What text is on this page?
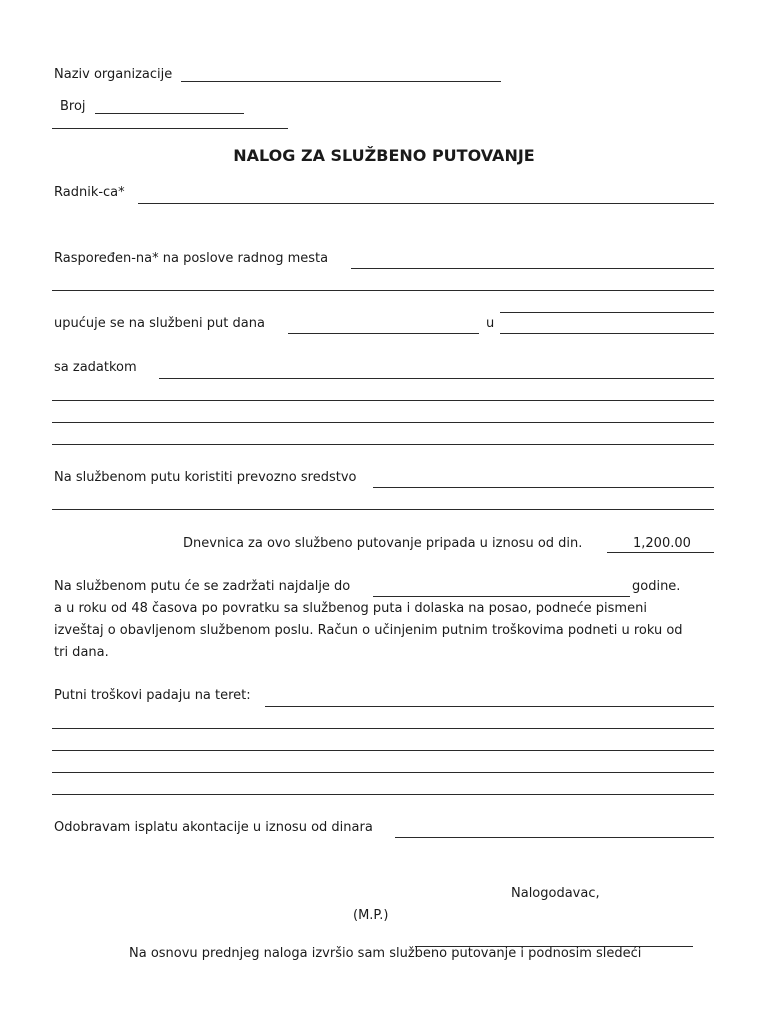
Naziv organizacije
Broj
NALOG ZA SLUŽBENO PUTOVANJE
Radnik-ca*
Raspoređen-na* na poslove radnog mesta
upućuje se na službeni put dana	u
sa zadatkom
Na službenom putu koristiti prevozno sredstvo
Dnevnica za ovo službeno putovanje pripada u iznosu od din.	1,200.00
Na službenom putu će se zadržati najdalje do	godine.
a u roku od 48 časova po povratku sa službenog puta i dolaska na posao, podneće pismeni
izveštaj o obavljenom službenom poslu. Račun o učinjenim putnim troškovima podneti u roku od
tri dana.
Putni troškovi padaju na teret:
Odobravam isplatu akontacije u iznosu od dinara
Nalogodavac,
(M.P.)
Na osnovu prednjeg naloga izvršio sam službeno putovanje i podnosim sledeći
